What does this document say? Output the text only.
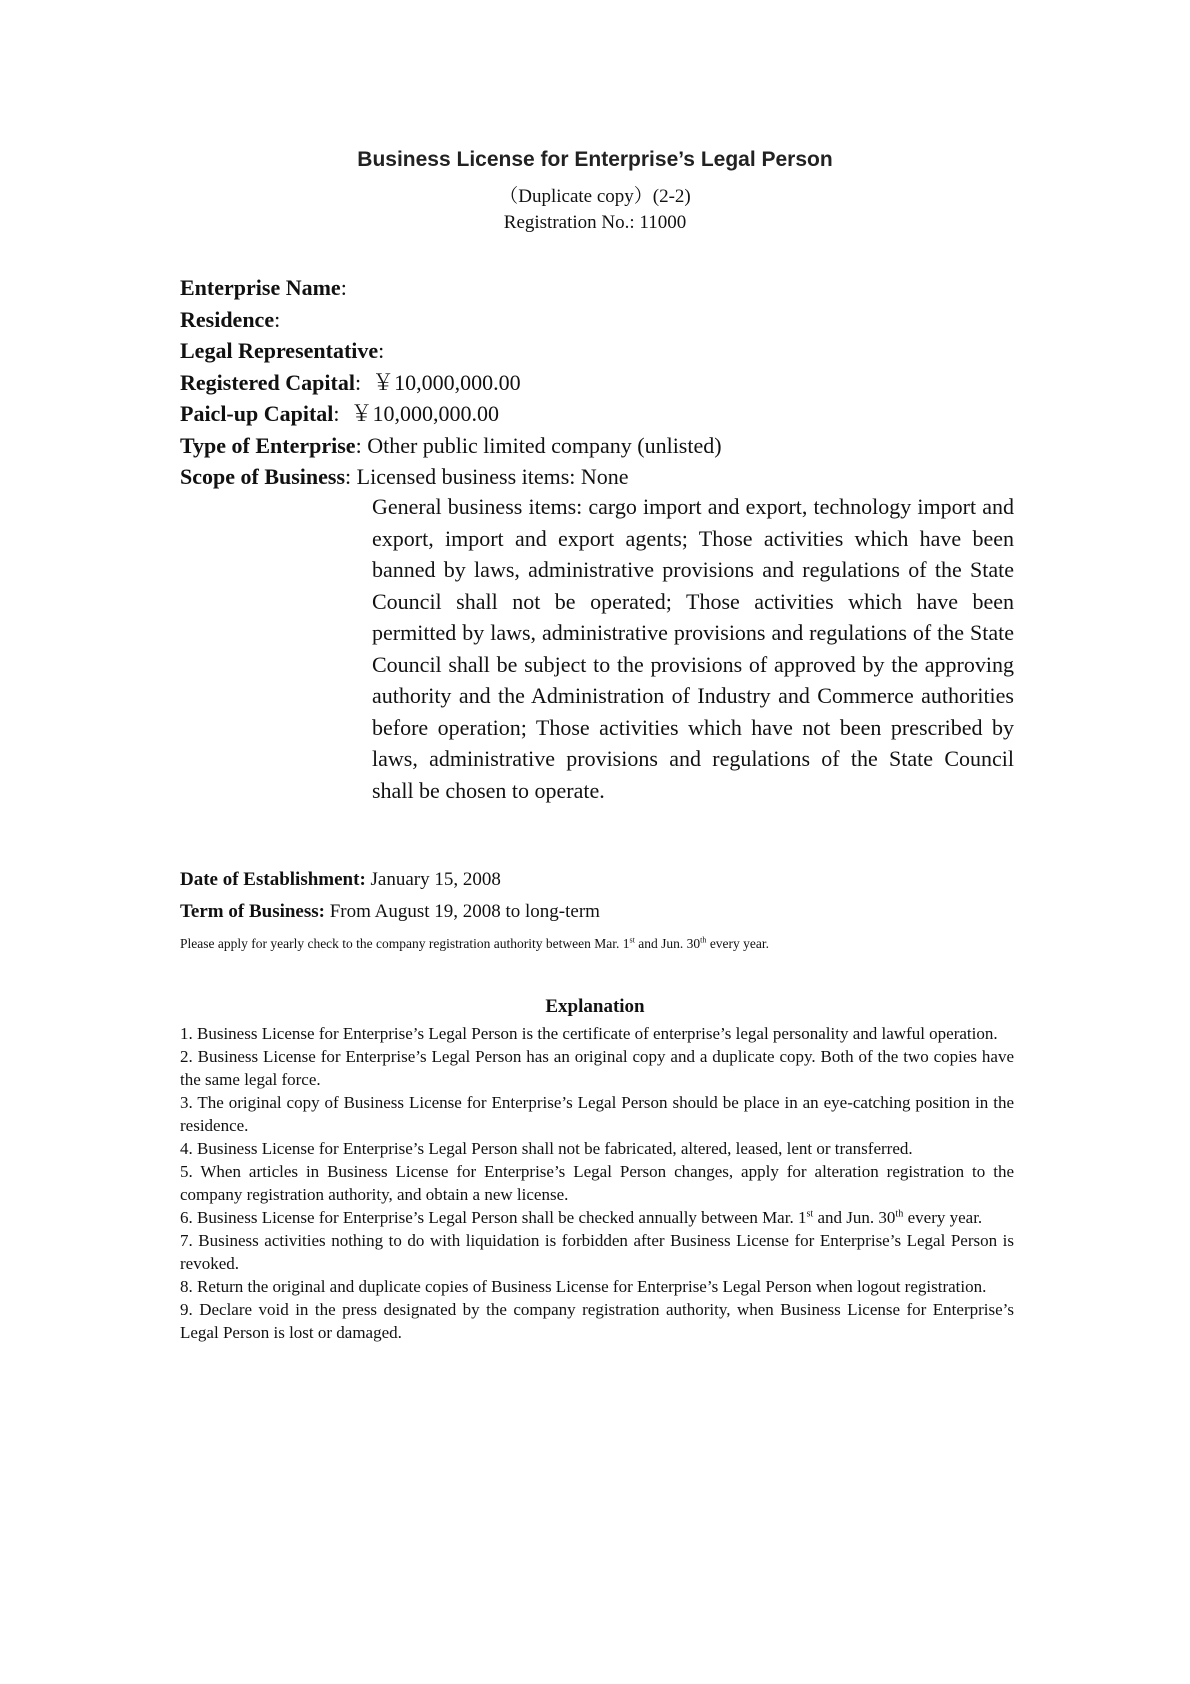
Business License for Enterprise’s Legal Person
（Duplicate copy）(2-2)
Registration No.: 11000
Enterprise Name:
Residence:
Legal Representative:
Registered Capital:  ￥10,000,000.00
Paicl-up Capital:  ￥10,000,000.00
Type of Enterprise: Other public limited company (unlisted)
Scope of Business: Licensed business items: None
General business items: cargo import and export, technology import and export, import and export agents; Those activities which have been banned by laws, administrative provisions and regulations of the State Council shall not be operated; Those activities which have been permitted by laws, administrative provisions and regulations of the State Council shall be subject to the provisions of approved by the approving authority and the Administration of Industry and Commerce authorities before operation; Those activities which have not been prescribed by laws, administrative provisions and regulations of the State Council shall be chosen to operate.
Date of Establishment: January 15, 2008
Term of Business: From August 19, 2008 to long-term
Please apply for yearly check to the company registration authority between Mar. 1st and Jun. 30th every year.
Explanation

1. Business License for Enterprise’s Legal Person is the certificate of enterprise’s legal personality and lawful operation.

2. Business License for Enterprise’s Legal Person has an original copy and a duplicate copy. Both of the two copies have the same legal force.

3. The original copy of Business License for Enterprise’s Legal Person should be place in an eye-catching position in the residence.

4. Business License for Enterprise’s Legal Person shall not be fabricated, altered, leased, lent or transferred.

5. When articles in Business License for Enterprise’s Legal Person changes, apply for alteration registration to the company registration authority, and obtain a new license.

6. Business License for Enterprise’s Legal Person shall be checked annually between Mar. 1st and Jun. 30th every year.

7. Business activities nothing to do with liquidation is forbidden after Business License for Enterprise’s Legal Person is revoked.

8. Return the original and duplicate copies of Business License for Enterprise’s Legal Person when logout registration.

9. Declare void in the press designated by the company registration authority, when Business License for Enterprise’s Legal Person is lost or damaged.
